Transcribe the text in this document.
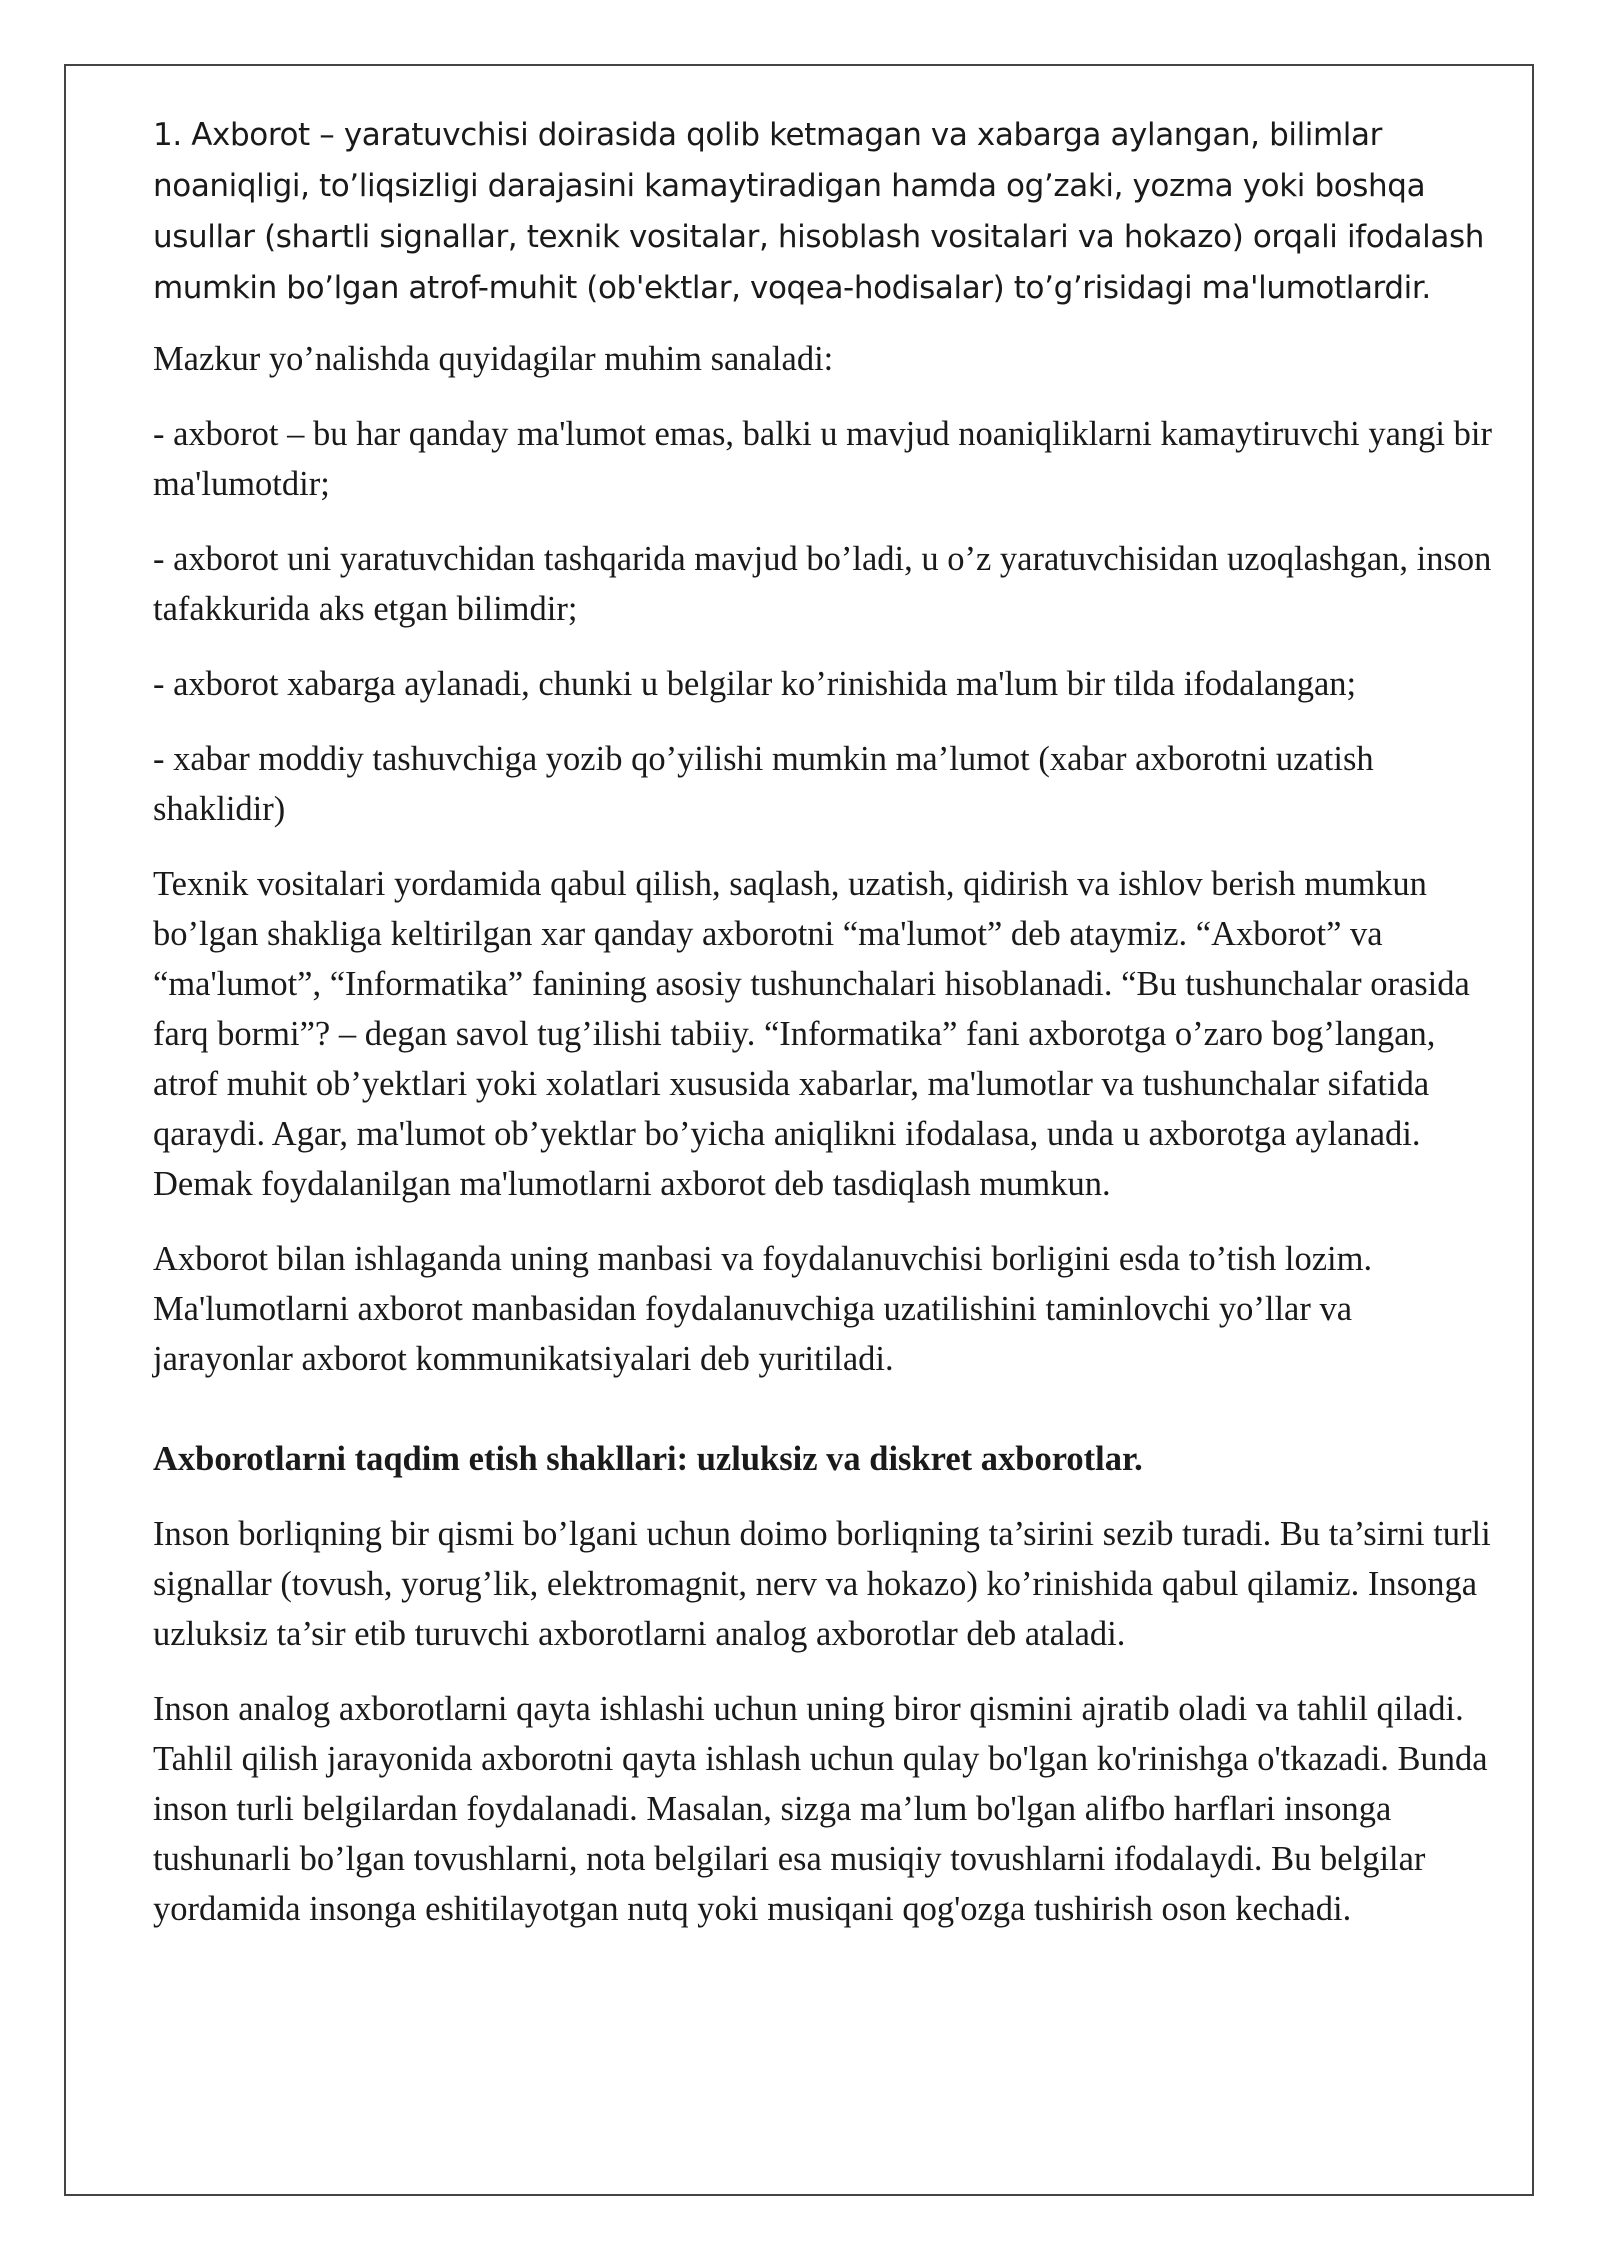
1. Axborot – yaratuvchisi doirasida qolib ketmagan va xabarga aylangan, bilimlar noaniqligi, to’liqsizligi darajasini kamaytiradigan hamda og’zaki, yozma yoki boshqa usullar (shartli signallar, texnik vositalar, hisoblash vositalari va hokazo) orqali ifodalash mumkin bo’lgan atrof-muhit (ob'ektlar, voqea-hodisalar) to’g’risidagi ma'lumotlardir.

Mazkur yo’nalishda quyidagilar muhim sanaladi:

- axborot – bu har qanday ma'lumot emas, balki u mavjud noaniqliklarni kamaytiruvchi yangi bir ma'lumotdir;

- axborot uni yaratuvchidan tashqarida mavjud bo’ladi, u o’z yaratuvchisidan uzoqlashgan, inson tafakkurida aks etgan bilimdir;

- axborot xabarga aylanadi, chunki u belgilar ko’rinishida ma'lum bir tilda ifodalangan;

- xabar moddiy tashuvchiga yozib qo’yilishi mumkin ma’lumot (xabar axborotni uzatish shaklidir)

Texnik vositalari yordamida qabul qilish, saqlash, uzatish, qidirish va ishlov berish mumkun bo’lgan shakliga keltirilgan xar qanday axborotni “ma'lumot” deb ataymiz. “Axborot” va “ma'lumot”, “Informatika” fanining asosiy tushunchalari hisoblanadi. “Bu tushunchalar orasida farq bormi”? – degan savol tug’ilishi tabiiy. “Informatika” fani axborotga o’zaro bog’langan, atrof muhit ob’yektlari yoki xolatlari xususida xabarlar, ma'lumotlar va tushunchalar sifatida qaraydi. Agar, ma'lumot ob’yektlar bo’yicha aniqlikni ifodalasa, unda u axborotga aylanadi. Demak foydalanilgan ma'lumotlarni axborot deb tasdiqlash mumkun.

Axborot bilan ishlaganda uning manbasi va foydalanuvchisi borligini esda to’tish lozim. Ma'lumotlarni axborot manbasidan foydalanuvchiga uzatilishini taminlovchi yo’llar va jarayonlar axborot kommunikatsiyalari deb yuritiladi.

Axborotlarni taqdim etish shakllari: uzluksiz va diskret axborotlar.

Inson borliqning bir qismi bo’lgani uchun doimo borliqning ta’sirini sezib turadi. Bu ta’sirni turli signallar (tovush, yorug’lik, elektromagnit, nerv va hokazo) ko’rinishida qabul qilamiz. Insonga uzluksiz ta’sir etib turuvchi axborotlarni analog axborotlar deb ataladi.

Inson analog axborotlarni qayta ishlashi uchun uning biror qismini ajratib oladi va tahlil qiladi. Tahlil qilish jarayonida axborotni qayta ishlash uchun qulay bo'lgan ko'rinishga o'tkazadi. Bunda inson turli belgilardan foydalanadi. Masalan, sizga ma’lum bo'lgan alifbo harflari insonga tushunarli bo’lgan tovushlarni, nota belgilari esa musiqiy tovushlarni ifodalaydi. Bu belgilar yordamida insonga eshitilayotgan nutq yoki musiqani qog'ozga tushirish oson kechadi.
